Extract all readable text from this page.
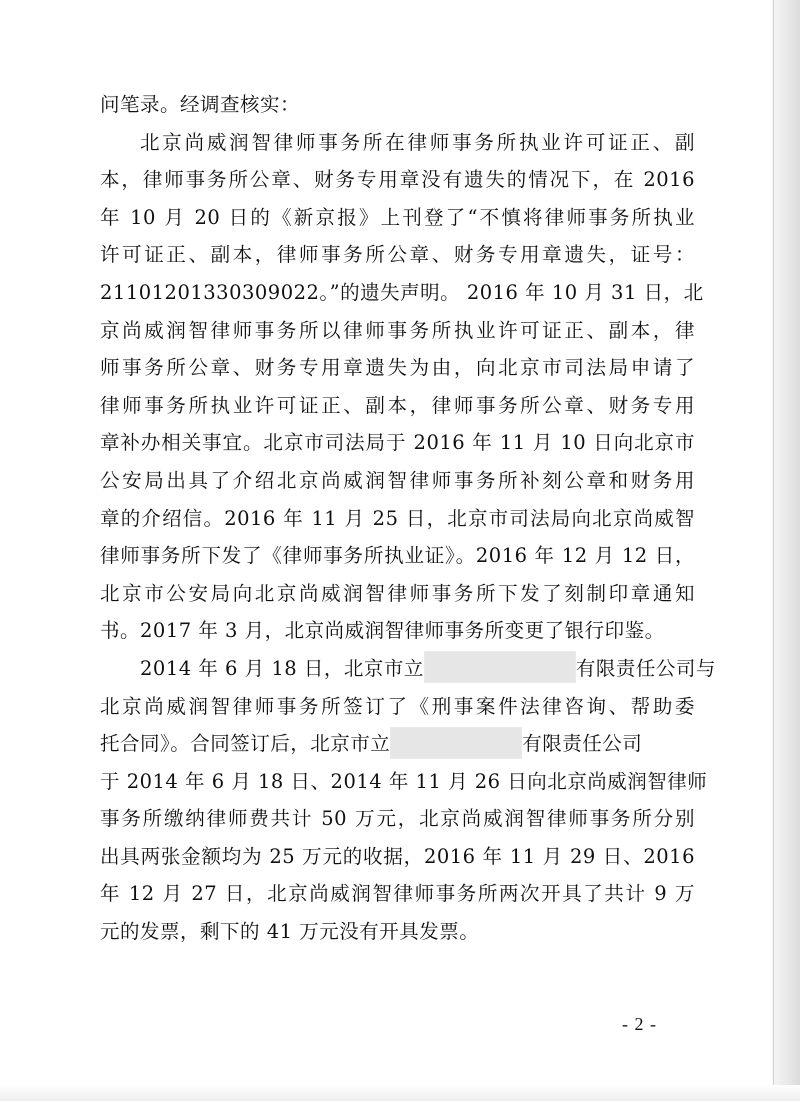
问笔录。经调查核实：
北京尚威润智律师事务所在律师事务所执业许可证正、副
本，律师事务所公章、财务专用章没有遗失的情况下，在 2016
年 10 月 20 日的《新京报》上刊登了“不慎将律师事务所执业
许可证正、副本，律师事务所公章、财务专用章遗失，证号：
21101201330309022。”的遗失声明。 2016 年 10 月 31 日，北
京尚威润智律师事务所以律师事务所执业许可证正、副本，律
师事务所公章、财务专用章遗失为由，向北京市司法局申请了
律师事务所执业许可证正、副本，律师事务所公章、财务专用
章补办相关事宜。北京市司法局于 2016 年 11 月 10 日向北京市
公安局出具了介绍北京尚威润智律师事务所补刻公章和财务用
章的介绍信。2016 年 11 月 25 日，北京市司法局向北京尚威智
律师事务所下发了《律师事务所执业证》。2016 年 12 月 12 日，
北京市公安局向北京尚威润智律师事务所下发了刻制印章通知
书。2017 年 3 月，北京尚威润智律师事务所变更了银行印鉴。
2014 年 6 月 18 日，北京市立	有限责任公司与
北京尚威润智律师事务所签订了《刑事案件法律咨询、帮助委
托合同》。合同签订后，北京市立	有限责任公司
于 2014 年 6 月 18 日、2014 年 11 月 26 日向北京尚威润智律师
事务所缴纳律师费共计 50 万元，北京尚威润智律师事务所分别
出具两张金额均为 25 万元的收据，2016 年 11 月 29 日、2016
年 12 月 27 日，北京尚威润智律师事务所两次开具了共计 9 万
元的发票，剩下的 41 万元没有开具发票。
- 2 -
